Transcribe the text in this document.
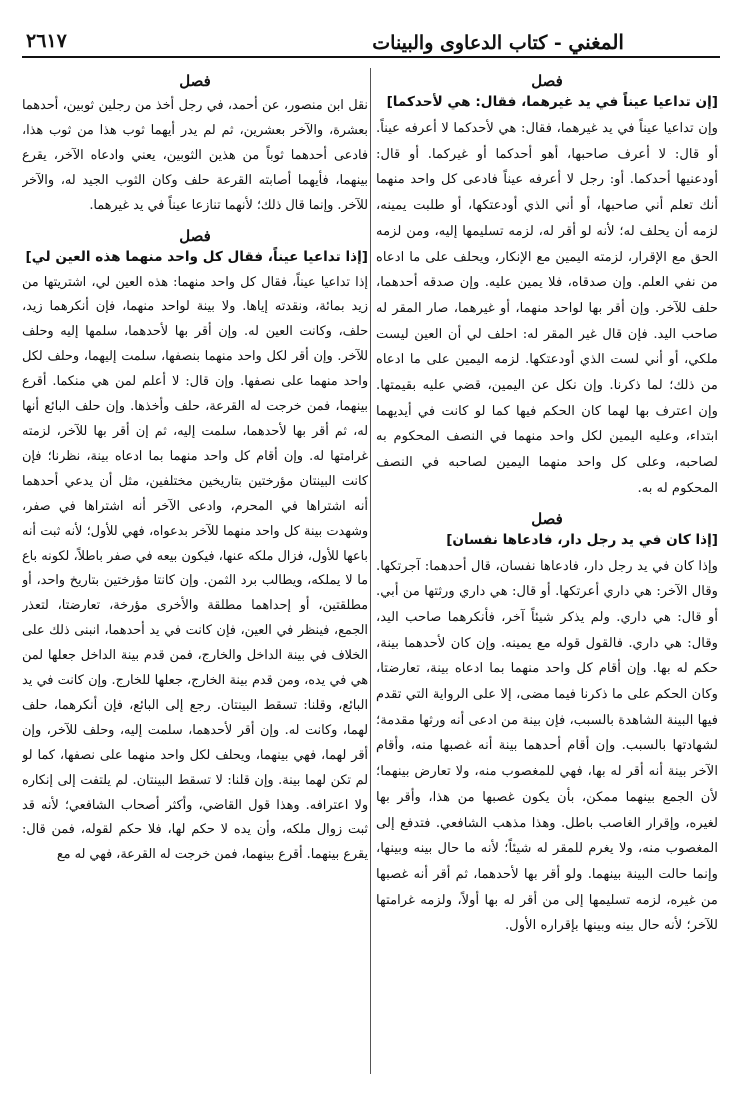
المغني - كتاب الدعاوى والبينات
٢٦١٧
فصل
[إن تداعيا عيناً في يد غيرهما، فقال: هي لأحدكما]

وإن تداعيا عيناً في يد غيرهما، فقال: هي لأحدكما لا أعرفه عيناً. أو قال: لا أعرف صاحبها، أهو أحدكما أو غيركما. أو قال: أودعنيها أحدكما. أو: رجل لا أعرفه عيناً فادعى كل واحد منهما أنك تعلم أني صاحبها، أو أني الذي أودعتكها، أو طلبت يمينه، لزمه أن يحلف له؛ لأنه لو أقر له، لزمه تسليمها إليه، ومن لزمه الحق مع الإقرار، لزمته اليمين مع الإنكار، ويحلف على ما ادعاه من نفي العلم. وإن صدقاه، فلا يمين عليه. وإن صدقه أحدهما، حلف للآخر. وإن أقر بها لواحد منهما، أو غيرهما، صار المقر له صاحب اليد. فإن قال غير المقر له: احلف لي أن العين ليست ملكي، أو أني لست الذي أودعتكها. لزمه اليمين على ما ادعاه من ذلك؛ لما ذكرنا. وإن نكل عن اليمين، قضي عليه بقيمتها. وإن اعترف بها لهما كان الحكم فيها كما لو كانت في أيديهما ابتداء، وعليه اليمين لكل واحد منهما في النصف المحكوم به لصاحبه، وعلى كل واحد منهما اليمين لصاحبه في النصف المحكوم له به.

فصل
[إذا كان في يد رجل دار، فادعاها نفسان]

وإذا كان في يد رجل دار، فادعاها نفسان، قال أحدهما: آجرتكها. وقال الآخر: هي داري أعرتكها. أو قال: هي داري ورثتها من أبي. أو قال: هي داري. ولم يذكر شيئاً آخر، فأنكرهما صاحب اليد، وقال: هي داري. فالقول قوله مع يمينه. وإن كان لأحدهما بينة، حكم له بها. وإن أقام كل واحد منهما بما ادعاه بينة، تعارضتا، وكان الحكم على ما ذكرنا فيما مضى، إلا على الرواية التي تقدم فيها البينة الشاهدة بالسبب، فإن بينة من ادعى أنه ورثها مقدمة؛ لشهادتها بالسبب. وإن أقام أحدهما بينة أنه غصبها منه، وأقام الآخر بينة أنه أقر له بها، فهي للمغصوب منه، ولا تعارض بينهما؛ لأن الجمع بينهما ممكن، بأن يكون غصبها من هذا، وأقر بها لغيره، وإقرار الغاصب باطل. وهذا مذهب الشافعي. فتدفع إلى المغصوب منه، ولا يغرم للمقر له شيئاً؛ لأنه ما حال بينه وبينها، وإنما حالت البينة بينهما. ولو أقر بها لأحدهما، ثم أقر أنه غصبها من غيره، لزمه تسليمها إلى من أقر له بها أولاً، ولزمه غرامتها للآخر؛ لأنه حال بينه وبينها بإقراره الأول.

فصل

نقل ابن منصور، عن أحمد، في رجل أخذ من رجلين ثوبين، أحدهما بعشرة، والآخر بعشرين، ثم لم يدر أيهما ثوب هذا من ثوب هذا، فادعى أحدهما ثوباً من هذين الثوبين، يعني وادعاه الآخر، يقرع بينهما، فأيهما أصابته القرعة حلف وكان الثوب الجيد له، والآخر للآخر. وإنما قال ذلك؛ لأنهما تنازعا عيناً في يد غيرهما.

فصل
[إذا تداعيا عيناً، فقال كل واحد منهما هذه العين لي]

إذا تداعيا عيناً، فقال كل واحد منهما: هذه العين لي، اشتريتها من زيد بمائة، ونقدته إياها. ولا بينة لواحد منهما، فإن أنكرهما زيد، حلف، وكانت العين له. وإن أقر بها لأحدهما، سلمها إليه وحلف للآخر. وإن أقر لكل واحد منهما بنصفها، سلمت إليهما، وحلف لكل واحد منهما على نصفها. وإن قال: لا أعلم لمن هي منكما. أقرع بينهما، فمن خرجت له القرعة، حلف وأخذها. وإن حلف البائع أنها له، ثم أقر بها لأحدهما، سلمت إليه، ثم إن أقر بها للآخر، لزمته غرامتها له. وإن أقام كل واحد منهما بما ادعاه بينة، نظرنا؛ فإن كانت البينتان مؤرختين بتاريخين مختلفين، مثل أن يدعي أحدهما أنه اشتراها في المحرم، وادعى الآخر أنه اشتراها في صفر، وشهدت بينة كل واحد منهما للآخر بدعواه، فهي للأول؛ لأنه ثبت أنه باعها للأول، فزال ملكه عنها، فيكون بيعه في صفر باطلاً، لكونه باع ما لا يملكه، ويطالب برد الثمن. وإن كانتا مؤرختين بتاريخ واحد، أو مطلقتين، أو إحداهما مطلقة والأخرى مؤرخة، تعارضتا، لتعذر الجمع، فينظر في العين، فإن كانت في يد أحدهما، انبنى ذلك على الخلاف في بينة الداخل والخارج، فمن قدم بينة الداخل جعلها لمن هي في يده، ومن قدم بينة الخارج، جعلها للخارج. وإن كانت في يد البائع، وقلنا: تسقط البينتان. رجع إلى البائع، فإن أنكرهما، حلف لهما، وكانت له. وإن أقر لأحدهما، سلمت إليه، وحلف للآخر، وإن أقر لهما، فهي بينهما، ويحلف لكل واحد منهما على نصفها، كما لو لم تكن لهما بينة. وإن قلنا: لا تسقط البينتان. لم يلتفت إلى إنكاره ولا اعترافه. وهذا قول القاضي، وأكثر أصحاب الشافعي؛ لأنه قد ثبت زوال ملكه، وأن يده لا حكم لها، فلا حكم لقوله، فمن قال: يقرع بينهما. أقرع بينهما، فمن خرجت له القرعة، فهي له مع
